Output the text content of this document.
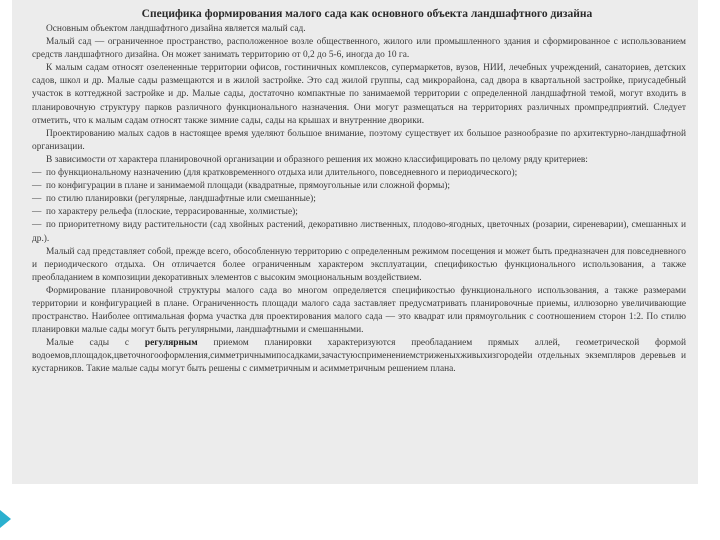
Специфика формирования малого сада как основного объекта ландшафтного дизайна

Основным объектом ландшафтного дизайна является малый сад.

Малый сад — ограниченное пространство, расположенное возле общественного, жилого или промышленного здания и сформированное с использованием средств ландшафтного дизайна. Он может занимать территорию от 0,2 до 5-6, иногда до 10 га.

К малым садам относят озелененные территории офисов, гостиничных комплексов, супермаркетов, вузов, НИИ, лечебных учреждений, санаториев, детских садов, школ и др. Малые сады размещаются и в жилой застройке. Это сад жилой группы, сад микрорайона, сад двора в квартальной застройке, приусадебный участок в коттеджной застройке и др. Малые сады, достаточно компактные по занимаемой территории с определенной ландшафтной темой, могут входить в планировочную структуру парков различного функционального назначения. Они могут размещаться на территориях различных промпредприятий. Следует отметить, что к малым садам относят также зимние сады, сады на крышах и внутренние дворики.

Проектированию малых садов в настоящее время уделяют большое внимание, поэтому существует их большое разнообразие по архитектурно-ландшафтной организации.

В зависимости от характера планировочной организации и образного решения их можно классифицировать по целому ряду критериев:

— по функциональному назначению (для кратковременного отдыха или длительного, повседневного и периодического);

— по конфигурации в плане и занимаемой площади (квадратные, прямоугольные или сложной формы);

— по стилю планировки (регулярные, ландшафтные или смешанные);

— по характеру рельефа (плоские, террасированные, холмистые);

— по приоритетному виду растительности (сад хвойных растений, декоративно лиственных, плодово-ягодных, цветочных (розарии, сиреневарии), смешанных и др.).

Малый сад представляет собой, прежде всего, обособленную территорию с определенным режимом посещения и может быть предназначен для повседневного и периодического отдыха. Он отличается более ограниченным характером эксплуатации, спецификостью функционального использования, а также преобладанием в композиции декоративных элементов с высоким эмоциональным воздействием.

Формирование планировочной структуры малого сада во многом определяется спецификостью функционального использования, а также размерами территории и конфигурацией в плане. Ограниченность площади малого сада заставляет предусматривать планировочные приемы, иллюзорно увеличивающие пространство. Наиболее оптимальная форма участка для проектирования малого сада — это квадрат или прямоугольник с соотношением сторон 1:2. По стилю планировки малые сады могут быть регулярными, ландшафтными и смешанными.

Малые сады с регулярным приемом планировки характеризуются преобладанием прямых аллей, геометрической формой водоемов,площадок,цветочногооформления,симметричнымипосадками,зачастуюсприменениемстриженыхживыхизгородейи отдельных экземпляров деревьев и кустарников. Такие малые сады могут быть решены с симметричным и асимметричным решением плана.
